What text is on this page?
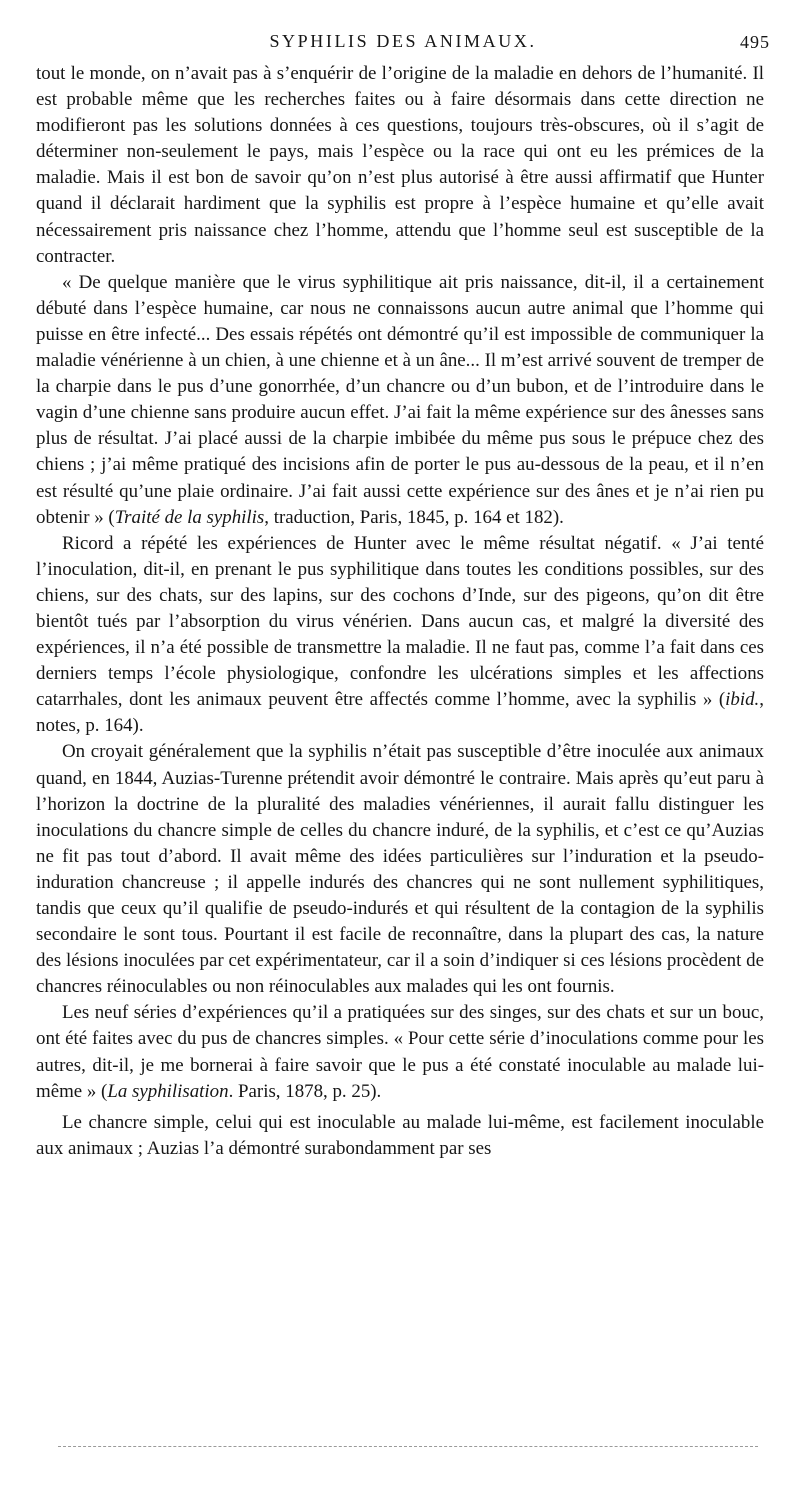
SYPHILIS DES ANIMAUX.	495

tout le monde, on n’avait pas à s’enquérir de l’origine de la maladie en dehors de l’humanité. Il est probable même que les recherches faites ou à faire désormais dans cette direction ne modifieront pas les solutions données à ces questions, toujours très-obscures, où il s’agit de déterminer non-seulement le pays, mais l’espèce ou la race qui ont eu les prémices de la maladie. Mais il est bon de savoir qu’on n’est plus autorisé à être aussi affirmatif que Hunter quand il déclarait hardiment que la syphilis est propre à l’espèce humaine et qu’elle avait nécessairement pris naissance chez l’homme, attendu que l’homme seul est susceptible de la contracter.

« De quelque manière que le virus syphilitique ait pris naissance, dit-il, il a certainement débuté dans l’espèce humaine, car nous ne connaissons aucun autre animal que l’homme qui puisse en être infecté... Des essais répétés ont démontré qu’il est impossible de communiquer la maladie vénérienne à un chien, à une chienne et à un âne... Il m’est arrivé souvent de tremper de la charpie dans le pus d’une gonorrhée, d’un chancre ou d’un bubon, et de l’introduire dans le vagin d’une chienne sans produire aucun effet. J’ai fait la même expérience sur des ânesses sans plus de résultat. J’ai placé aussi de la charpie imbibée du même pus sous le prépuce chez des chiens ; j’ai même pratiqué des incisions afin de porter le pus au-dessous de la peau, et il n’en est résulté qu’une plaie ordinaire. J’ai fait aussi cette expérience sur des ânes et je n’ai rien pu obtenir » (Traité de la syphilis, traduction, Paris, 1845, p. 164 et 182).

Ricord a répété les expériences de Hunter avec le même résultat négatif. « J’ai tenté l’inoculation, dit-il, en prenant le pus syphilitique dans toutes les conditions possibles, sur des chiens, sur des chats, sur des lapins, sur des cochons d’Inde, sur des pigeons, qu’on dit être bientôt tués par l’absorption du virus vénérien. Dans aucun cas, et malgré la diversité des expériences, il n’a été possible de transmettre la maladie. Il ne faut pas, comme l’a fait dans ces derniers temps l’école physiologique, confondre les ulcérations simples et les affections catarrhales, dont les animaux peuvent être affectés comme l’homme, avec la syphilis » (ibid., notes, p. 164).

On croyait généralement que la syphilis n’était pas susceptible d’être inoculée aux animaux quand, en 1844, Auzias-Turenne prétendit avoir démontré le contraire. Mais après qu’eut paru à l’horizon la doctrine de la pluralité des maladies vénériennes, il aurait fallu distinguer les inoculations du chancre simple de celles du chancre induré, de la syphilis, et c’est ce qu’Auzias ne fit pas tout d’abord. Il avait même des idées particulières sur l’induration et la pseudo-induration chancreuse ; il appelle indurés des chancres qui ne sont nullement syphilitiques, tandis que ceux qu’il qualifie de pseudo-indurés et qui résultent de la contagion de la syphilis secondaire le sont tous. Pourtant il est facile de reconnaître, dans la plupart des cas, la nature des lésions inoculées par cet expérimentateur, car il a soin d’indiquer si ces lésions procèdent de chancres réinoculables ou non réinoculables aux malades qui les ont fournis.

Les neuf séries d’expériences qu’il a pratiquées sur des singes, sur des chats et sur un bouc, ont été faites avec du pus de chancres simples. « Pour cette série d’inoculations comme pour les autres, dit-il, je me bornerai à faire savoir que le pus a été constaté inoculable au malade lui-même » (La syphilisation. Paris, 1878, p. 25).

Le chancre simple, celui qui est inoculable au malade lui-même, est facilement inoculable aux animaux ; Auzias l’a démontré surabondamment par ses
